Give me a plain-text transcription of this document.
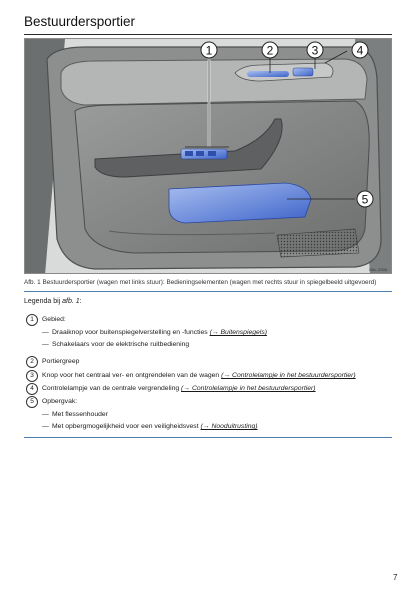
Bestuurdersportier
1	2	3	4
5
BAL-2006
Afb. 1 Bestuurdersportier (wagen met links stuur): Bedieningselementen (wagen met rechts stuur in spiegelbeeld uitgevoerd)
Legenda bij afb. 1:
1	Gebied:
— Draaiknop voor buitenspiegelverstelling en -functies (→ Buitenspiegels)
— Schakelaars voor de elektrische ruitbediening
2	Portiergreep
3	Knop voor het centraal ver- en ontgrendelen van de wagen (→ Controlelampje in het bestuurdersportier)
4	Controlelampje van de centrale vergrendeling (→ Controlelampje in het bestuurdersportier)
5	Opbergvak:
— Met flessenhouder
— Met opbergmogelijkheid voor een veiligheidsvest (→ Nooduitrusting)
7
